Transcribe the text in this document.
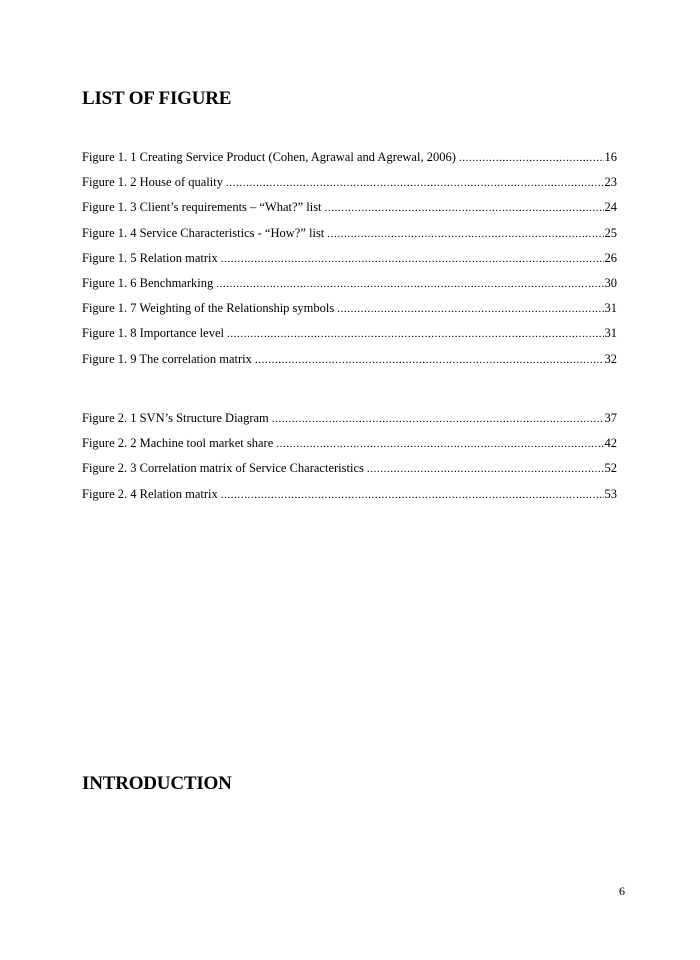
LIST OF FIGURE
Figure 1. 1 Creating Service Product (Cohen, Agrawal and Agrewal, 2006) .....	16
Figure 1. 2 House of quality .....	23
Figure 1. 3 Client’s requirements – “What?” list .....	24
Figure 1. 4 Service Characteristics - “How?” list .....	25
Figure 1. 5 Relation matrix .....	26
Figure 1. 6 Benchmarking .....	30
Figure 1. 7 Weighting of the Relationship symbols .....	31
Figure 1. 8 Importance level .....	31
Figure 1. 9 The correlation matrix .....	32
Figure 2. 1 SVN’s Structure Diagram .....	37
Figure 2. 2 Machine tool market share .....	42
Figure 2. 3 Correlation matrix of Service Characteristics .....	52
Figure 2. 4 Relation matrix .....	53
INTRODUCTION
6
